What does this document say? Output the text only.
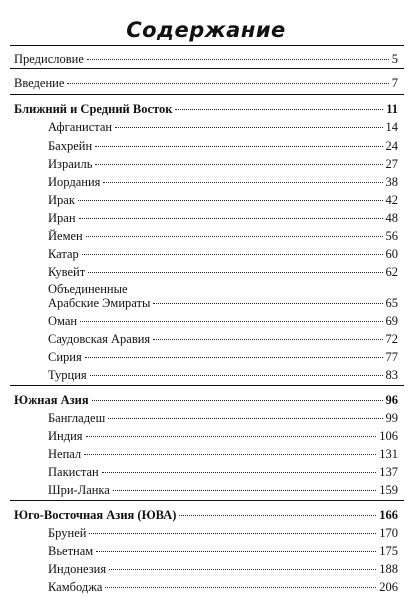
Содержание
Предисловие	5
Введение	7
Ближний и Средний Восток	11
Афганистан	14
Бахрейн	24
Израиль	27
Иордания	38
Ирак	42
Иран	48
Йемен	56
Катар	60
Кувейт	62
Объединенные
Арабские Эмираты	65
Оман	69
Саудовская Аравия	72
Сирия	77
Турция	83
Южная Азия	96
Бангладеш	99
Индия	106
Непал	131
Пакистан	137
Шри-Ланка	159
Юго-Восточная Азия (ЮВА)	166
Бруней	170
Вьетнам	175
Индонезия	188
Камбоджа	206
